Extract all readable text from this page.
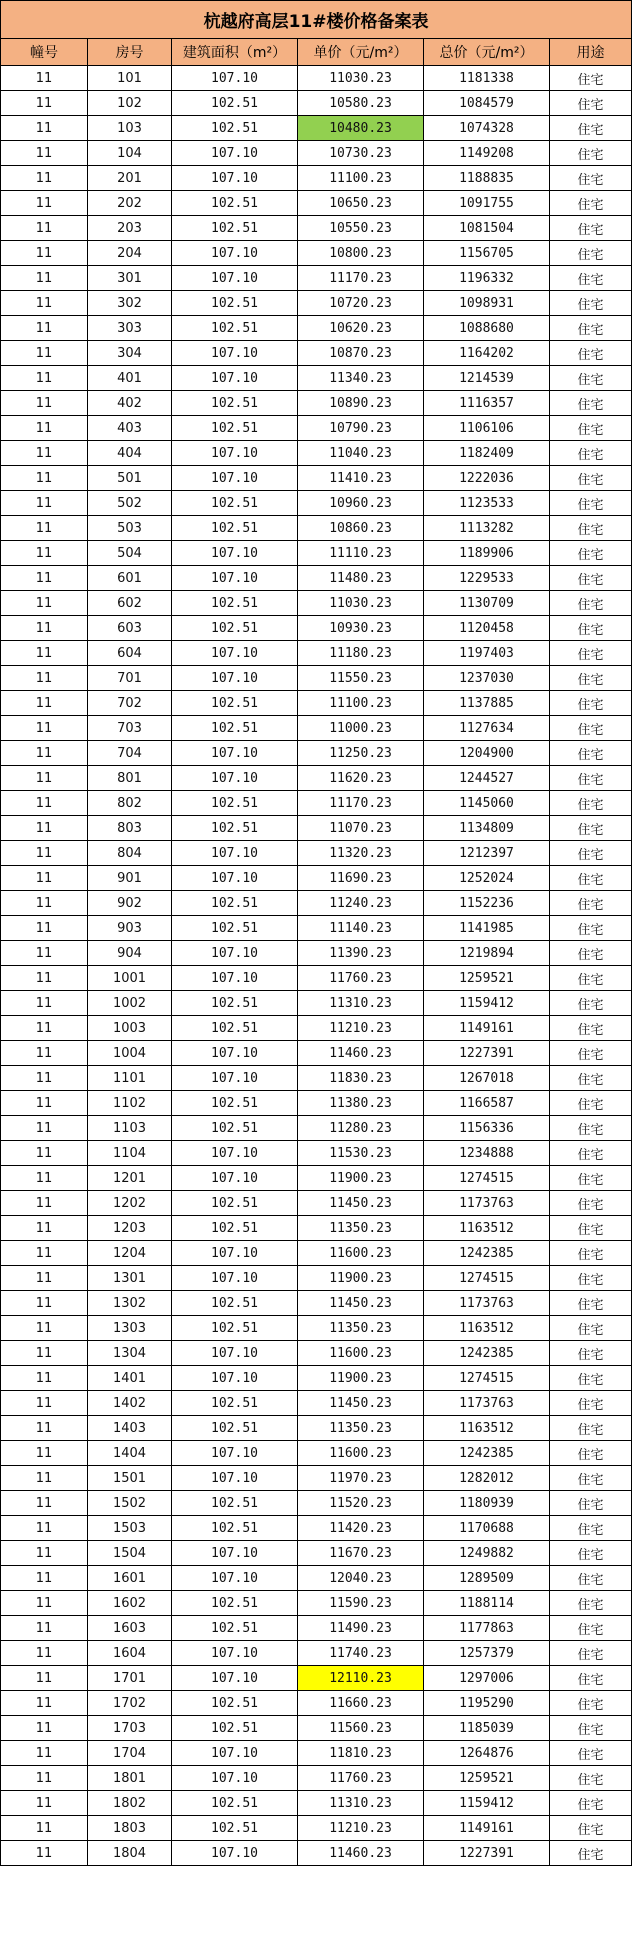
杭越府高层11#楼价格备案表					
幢号	房号	建筑面积（m²）	单价（元/m²）	总价（元/m²）	用途
11	101	107.10	11030.23	1181338	住宅
11	102	102.51	10580.23	1084579	住宅
11	103	102.51	10480.23	1074328	住宅
11	104	107.10	10730.23	1149208	住宅
11	201	107.10	11100.23	1188835	住宅
11	202	102.51	10650.23	1091755	住宅
11	203	102.51	10550.23	1081504	住宅
11	204	107.10	10800.23	1156705	住宅
11	301	107.10	11170.23	1196332	住宅
11	302	102.51	10720.23	1098931	住宅
11	303	102.51	10620.23	1088680	住宅
11	304	107.10	10870.23	1164202	住宅
11	401	107.10	11340.23	1214539	住宅
11	402	102.51	10890.23	1116357	住宅
11	403	102.51	10790.23	1106106	住宅
11	404	107.10	11040.23	1182409	住宅
11	501	107.10	11410.23	1222036	住宅
11	502	102.51	10960.23	1123533	住宅
11	503	102.51	10860.23	1113282	住宅
11	504	107.10	11110.23	1189906	住宅
11	601	107.10	11480.23	1229533	住宅
11	602	102.51	11030.23	1130709	住宅
11	603	102.51	10930.23	1120458	住宅
11	604	107.10	11180.23	1197403	住宅
11	701	107.10	11550.23	1237030	住宅
11	702	102.51	11100.23	1137885	住宅
11	703	102.51	11000.23	1127634	住宅
11	704	107.10	11250.23	1204900	住宅
11	801	107.10	11620.23	1244527	住宅
11	802	102.51	11170.23	1145060	住宅
11	803	102.51	11070.23	1134809	住宅
11	804	107.10	11320.23	1212397	住宅
11	901	107.10	11690.23	1252024	住宅
11	902	102.51	11240.23	1152236	住宅
11	903	102.51	11140.23	1141985	住宅
11	904	107.10	11390.23	1219894	住宅
11	1001	107.10	11760.23	1259521	住宅
11	1002	102.51	11310.23	1159412	住宅
11	1003	102.51	11210.23	1149161	住宅
11	1004	107.10	11460.23	1227391	住宅
11	1101	107.10	11830.23	1267018	住宅
11	1102	102.51	11380.23	1166587	住宅
11	1103	102.51	11280.23	1156336	住宅
11	1104	107.10	11530.23	1234888	住宅
11	1201	107.10	11900.23	1274515	住宅
11	1202	102.51	11450.23	1173763	住宅
11	1203	102.51	11350.23	1163512	住宅
11	1204	107.10	11600.23	1242385	住宅
11	1301	107.10	11900.23	1274515	住宅
11	1302	102.51	11450.23	1173763	住宅
11	1303	102.51	11350.23	1163512	住宅
11	1304	107.10	11600.23	1242385	住宅
11	1401	107.10	11900.23	1274515	住宅
11	1402	102.51	11450.23	1173763	住宅
11	1403	102.51	11350.23	1163512	住宅
11	1404	107.10	11600.23	1242385	住宅
11	1501	107.10	11970.23	1282012	住宅
11	1502	102.51	11520.23	1180939	住宅
11	1503	102.51	11420.23	1170688	住宅
11	1504	107.10	11670.23	1249882	住宅
11	1601	107.10	12040.23	1289509	住宅
11	1602	102.51	11590.23	1188114	住宅
11	1603	102.51	11490.23	1177863	住宅
11	1604	107.10	11740.23	1257379	住宅
11	1701	107.10	12110.23	1297006	住宅
11	1702	102.51	11660.23	1195290	住宅
11	1703	102.51	11560.23	1185039	住宅
11	1704	107.10	11810.23	1264876	住宅
11	1801	107.10	11760.23	1259521	住宅
11	1802	102.51	11310.23	1159412	住宅
11	1803	102.51	11210.23	1149161	住宅
11	1804	107.10	11460.23	1227391	住宅
